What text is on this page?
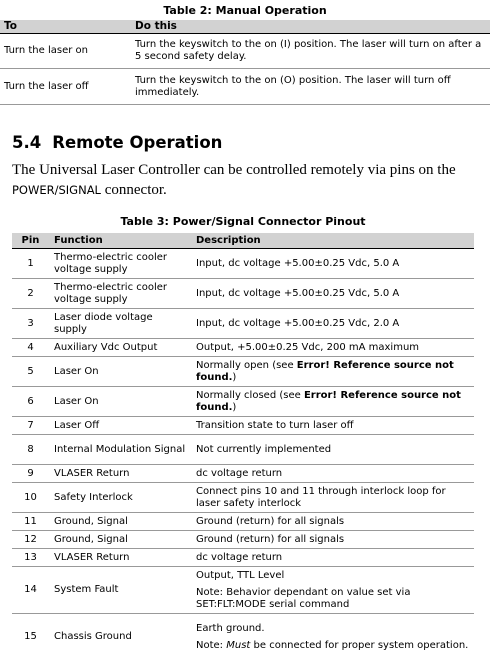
Table 2: Manual Operation
To	Do this
Turn the laser on	Turn the keyswitch to the on (I) position. The laser will turn on after a 5 second safety delay.
Turn the laser off	Turn the keyswitch to the on (O) position. The laser will turn off immediately.
5.4 Remote Operation
The Universal Laser Controller can be controlled remotely via pins on the POWER/SIGNAL connector.
Table 3: Power/Signal Connector Pinout
Pin	Function	Description
1	Thermo-electric cooler voltage supply	Input, dc voltage +5.00±0.25 Vdc, 5.0 A
2	Thermo-electric cooler voltage supply	Input, dc voltage +5.00±0.25 Vdc, 5.0 A
3	Laser diode voltage supply	Input, dc voltage +5.00±0.25 Vdc, 2.0 A
4	Auxiliary Vdc Output	Output, +5.00±0.25 Vdc, 200 mA maximum
5	Laser On	Normally open (see Error! Reference source not found.)
6	Laser On	Normally closed (see Error! Reference source not found.)
7	Laser Off	Transition state to turn laser off
8	Internal Modulation Signal	Not currently implemented
9	VLASER Return	dc voltage return
10	Safety Interlock	Connect pins 10 and 11 through interlock loop for laser safety interlock
11	Ground, Signal	Ground (return) for all signals
12	Ground, Signal	Ground (return) for all signals
13	VLASER Return	dc voltage return
14	System Fault	Output, TTL Level
Note: Behavior dependant on value set via SET:FLT:MODE serial command

15	Chassis Ground	Earth ground.
Note: Must be connected for proper system operation.
